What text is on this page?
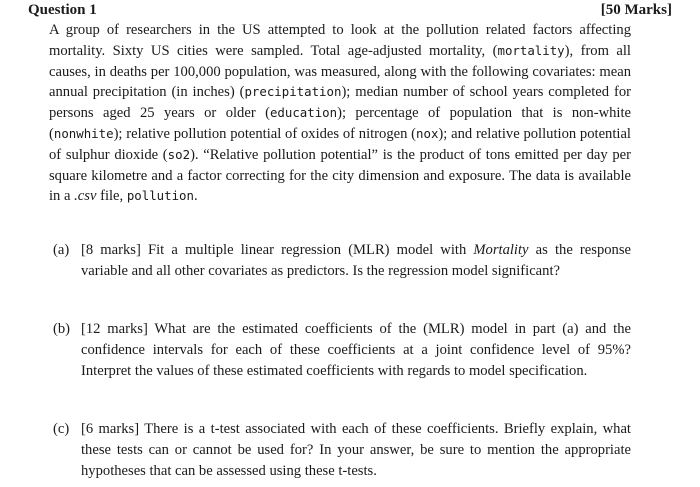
Question 1	[50 Marks]
A group of researchers in the US attempted to look at the pollution related factors affecting mortality. Sixty US cities were sampled. Total age-adjusted mortality, (mortality), from all causes, in deaths per 100,000 population, was measured, along with the following covariates: mean annual precipitation (in inches) (precipitation); median number of school years completed for persons aged 25 years or older (education); percentage of population that is non-white (nonwhite); relative pollution potential of oxides of nitrogen (nox); and relative pollution potential of sulphur dioxide (so2). “Relative pollution potential” is the product of tons emitted per day per square kilometre and a factor correcting for the city dimension and exposure. The data is available in a .csv file, pollution.
(a) [8 marks] Fit a multiple linear regression (MLR) model with Mortality as the response variable and all other covariates as predictors. Is the regression model significant?
(b) [12 marks] What are the estimated coefficients of the (MLR) model in part (a) and the confidence intervals for each of these coefficients at a joint confidence level of 95%? Interpret the values of these estimated coefficients with regards to model specification.
(c) [6 marks] There is a t-test associated with each of these coefficients. Briefly explain, what these tests can or cannot be used for? In your answer, be sure to mention the appropriate hypotheses that can be assessed using these t-tests.
